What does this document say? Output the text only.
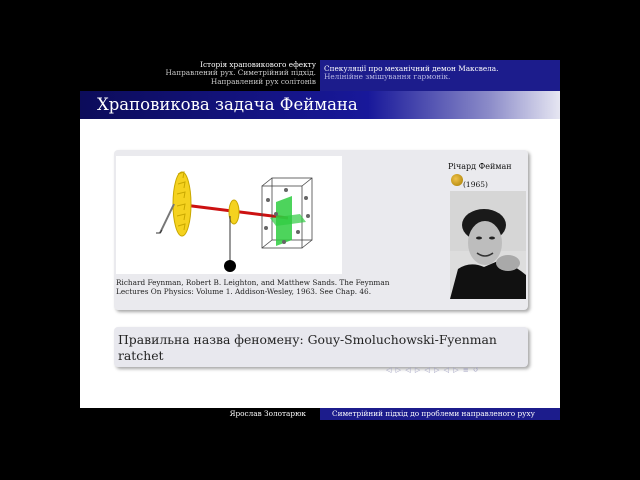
Історія храповикового ефекту
Направлений рух. Симетрійний підхід.
Направлений рух солітонів
Спекуляції про механічний демон Максвела.
Нелінійне змішування гармонік.
Храповикова задача Феймана
Richard Feynman, Robert B. Leighton, and Matthew Sands. The Feynman Lectures On Physics: Volume 1. Addison-Wesley, 1963. See Chap. 46.
Річард Фейман
(1965)
Правильна назва феномену: Gouy-Smoluchowski-Fyenman ratchet
◁ ▷ ◁ ▷ ◁ ▷ ◁ ▷ ≡ ↺
Ярослав Золотарюк	Симетрійний підхід до проблеми направленого руху
